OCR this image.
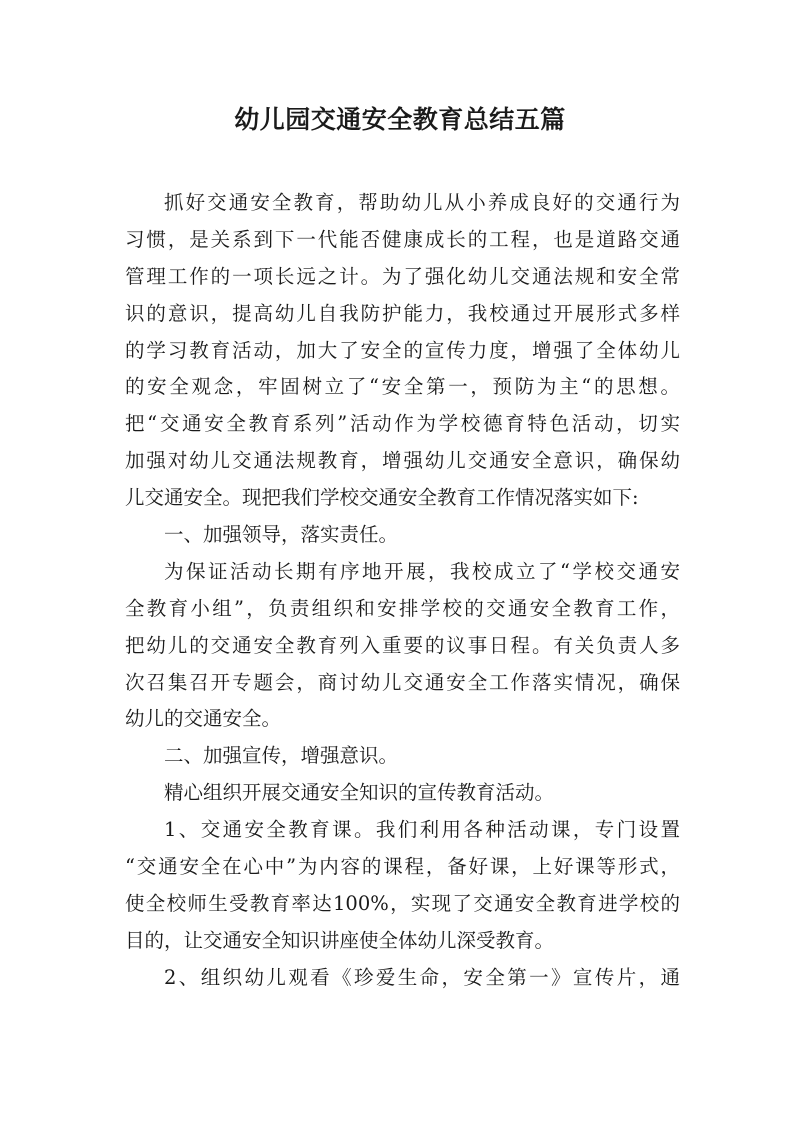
幼儿园交通安全教育总结五篇
抓好交通安全教育，帮助幼儿从小养成良好的交通行为
习惯，是关系到下一代能否健康成长的工程，也是道路交通
管理工作的一项长远之计。为了强化幼儿交通法规和安全常
识的意识，提高幼儿自我防护能力，我校通过开展形式多样
的学习教育活动，加大了安全的宣传力度，增强了全体幼儿
的安全观念，牢固树立了“安全第一，预防为主“的思想。
把“交通安全教育系列”活动作为学校德育特色活动，切实
加强对幼儿交通法规教育，增强幼儿交通安全意识，确保幼
儿交通安全。现把我们学校交通安全教育工作情况落实如下:
一、加强领导，落实责任。
为保证活动长期有序地开展，我校成立了“学校交通安
全教育小组”，负责组织和安排学校的交通安全教育工作，
把幼儿的交通安全教育列入重要的议事日程。有关负责人多
次召集召开专题会，商讨幼儿交通安全工作落实情况，确保
幼儿的交通安全。
二、加强宣传，增强意识。
精心组织开展交通安全知识的宣传教育活动。
1、交通安全教育课。我们利用各种活动课，专门设置
“交通安全在心中”为内容的课程，备好课，上好课等形式，
使全校师生受教育率达100%，实现了交通安全教育进学校的
目的，让交通安全知识讲座使全体幼儿深受教育。
2、组织幼儿观看《珍爱生命，安全第一》宣传片，通
